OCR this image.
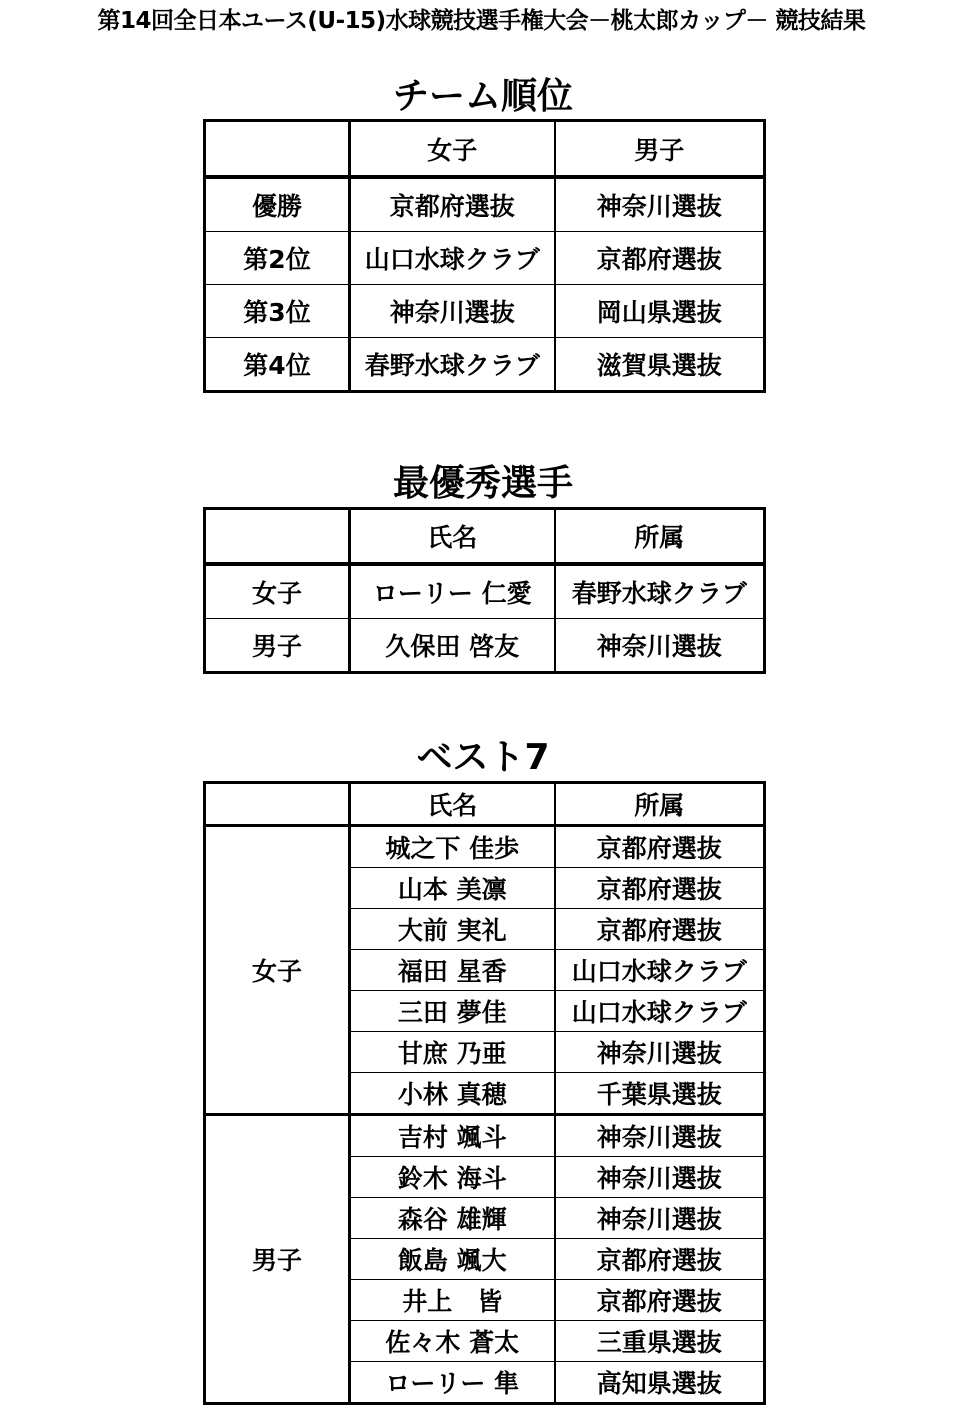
第14回全日本ユース(U-15)水球競技選手権大会－桃太郎カップ－ 競技結果
チーム順位
	女子	男子
優勝	京都府選抜	神奈川選抜
第2位	山口水球クラブ	京都府選抜
第3位	神奈川選抜	岡山県選抜
第4位	春野水球クラブ	滋賀県選抜
最優秀選手
	氏名	所属
女子	ローリー 仁愛	春野水球クラブ
男子	久保田 啓友	神奈川選抜
ベスト7
	氏名	所属
女子	城之下 佳歩	京都府選抜
	山本 美凛	京都府選抜
	大前 実礼	京都府選抜
	福田 星香	山口水球クラブ
	三田 夢佳	山口水球クラブ
	甘庶 乃亜	神奈川選抜
	小林 真穂	千葉県選抜
男子	吉村 颯斗	神奈川選抜
	鈴木 海斗	神奈川選抜
	森谷 雄輝	神奈川選抜
	飯島 颯大	京都府選抜
	井上　皆	京都府選抜
	佐々木 蒼太	三重県選抜
	ローリー 隼	高知県選抜
